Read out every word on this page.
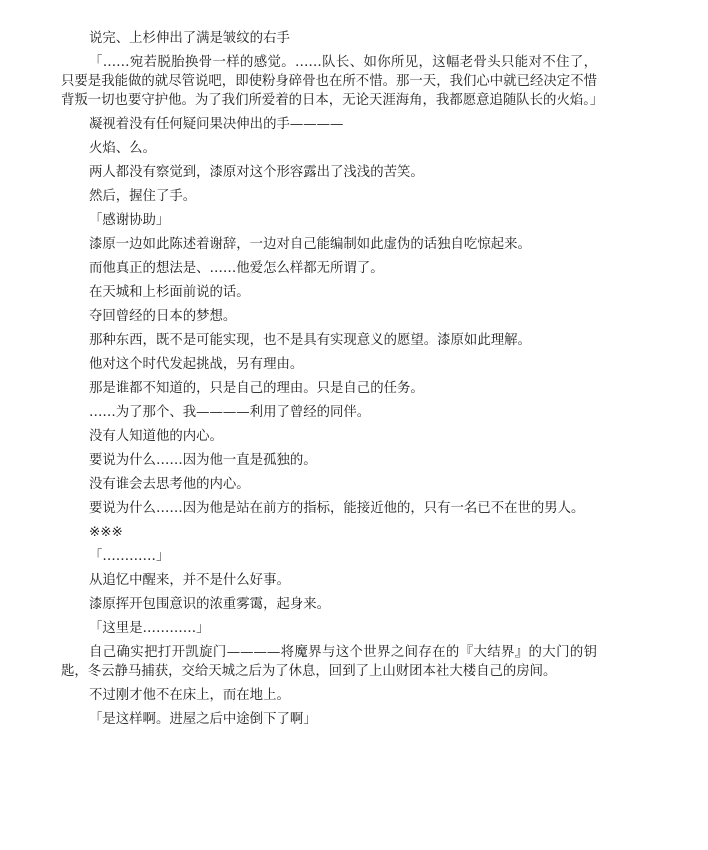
说完、上杉伸出了满是皱纹的右手

「……宛若脱胎换骨一样的感觉。……队长、如你所见，这幅老骨头只能对不住了，只要是我能做的就尽管说吧，即使粉身碎骨也在所不惜。那一天，我们心中就已经决定不惜背叛一切也要守护他。为了我们所爱着的日本，无论天涯海角，我都愿意追随队长的火焰。」

凝视着没有任何疑问果决伸出的手————

火焰、么。

两人都没有察觉到，漆原对这个形容露出了浅浅的苦笑。

然后，握住了手。

「感谢协助」

漆原一边如此陈述着谢辞，一边对自己能编制如此虚伪的话独自吃惊起来。

而他真正的想法是、……他爱怎么样都无所谓了。

在天城和上杉面前说的话。

夺回曾经的日本的梦想。

那种东西，既不是可能实现，也不是具有实现意义的愿望。漆原如此理解。

他对这个时代发起挑战，另有理由。

那是谁都不知道的，只是自己的理由。只是自己的任务。

……为了那个、我————利用了曾经的同伴。

没有人知道他的内心。

要说为什么……因为他一直是孤独的。

没有谁会去思考他的内心。

要说为什么……因为他是站在前方的指标，能接近他的，只有一名已不在世的男人。

※※※

「…………」

从追忆中醒来，并不是什么好事。

漆原挥开包围意识的浓重雾霭，起身来。

「这里是…………」

自己确实把打开凯旋门————将魔界与这个世界之间存在的『大结界』的大门的钥匙，冬云静马捕获，交给天城之后为了休息，回到了上山财团本社大楼自己的房间。

不过刚才他不在床上，而在地上。

「是这样啊。进屋之后中途倒下了啊」
